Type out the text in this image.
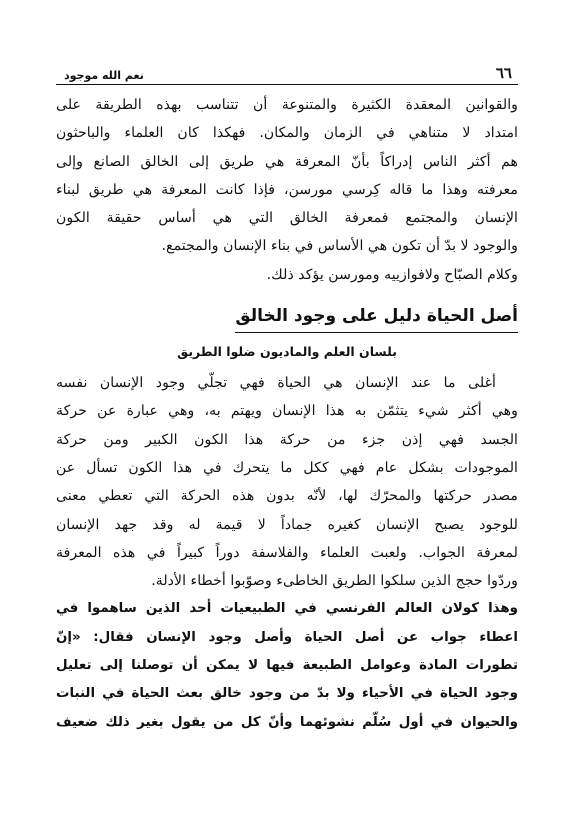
٦٦
نعم الله موجود

والقوانين المعقدة الكثيرة والمتنوعة أن تتناسب بهذه الطريقة على

امتداد لا متناهي في الزمان والمكان. فهكذا كان العلماء والباحثون

هم أكثر الناس إدراكاً بأنّ المعرفة هي طريق إلى الخالق الصانع وإلى

معرفته وهذا ما قاله كِرسي مورسن، فإذا كانت المعرفة هي طريق لبناء

الإنسان والمجتمع فمعرفة الخالق التي هي أساس حقيقة الكون

والوجود لا بدّ أن تكون هي الأساس في بناء الإنسان والمجتمع.

وكلام الصبّاح ولافوازييه ومورسن يؤكد ذلك.

أصل الحياة دليل على وجود الخالق
بلسان العلم والماديون ضلوا الطريق

أغلى ما عند الإنسان هي الحياة فهي تجلّي وجود الإنسان نفسه

وهي أكثر شيء يتثمّن به هذا الإنسان ويهتم به، وهي عبارة عن حركة

الجسد فهي إذن جزء من حركة هذا الكون الكبير ومن حركة

الموجودات بشكل عام فهي ككل ما يتحرك في هذا الكون تسأل عن

مصدر حركتها والمحرّك لها، لأنّه بدون هذه الحركة التي تعطي معنى

للوجود يصبح الإنسان كغيره جماداً لا قيمة له وقد جهد الإنسان

لمعرفة الجواب. ولعبت العلماء والفلاسفة دوراً كبيراً في هذه المعرفة

وردّوا حجج الذين سلكوا الطريق الخاطىء وصوّبوا أخطاء الأدلة.

وهذا كولان العالم الفرنسي في الطبيعيات أحد الذين ساهموا في

اعطاء جواب عن أصل الحياة وأصل وجود الإنسان فقال: «إنّ

تطورات المادة وعوامل الطبيعة فيها لا يمكن أن توصلنا إلى تعليل

وجود الحياة في الأحياء ولا بدّ من وجود خالق بعث الحياة في النبات

والحيوان في أول سُلّم نشوئهما وأنّ كل من يقول بغير ذلك ضعيف
